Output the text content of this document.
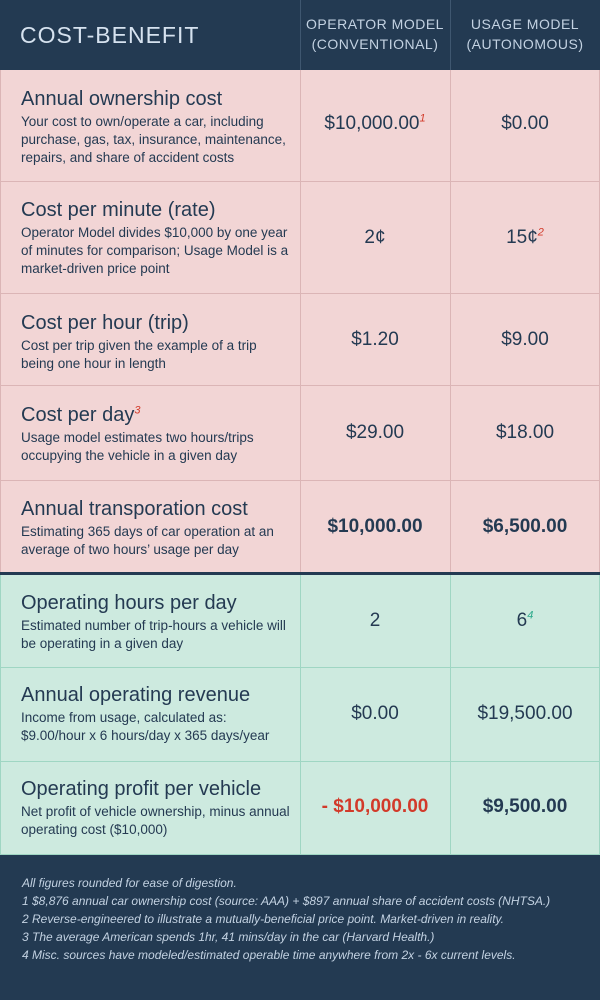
COST-BENEFIT	OPERATOR MODEL
(CONVENTIONAL)
USAGE MODEL
(AUTONOMOUS)
Annual ownership cost
Your cost to own/operate a car, including purchase, gas, tax, insurance, maintenance, repairs, and share of accident costs
$10,000.00$^1$	$0.00
Cost per minute (rate)
Operator Model divides $10,000 by one year of minutes for comparison; Usage Model is a market-driven price point
2¢	15¢$^2$
Cost per hour (trip)
Cost per trip given the example of a trip being one hour in length
$1.20	$9.00
Cost per day$^3$
Usage model estimates two hours/trips occupying the vehicle in a given day
$29.00	$18.00
Annual transporation cost
Estimating 365 days of car operation at an average of two hours’ usage per day
$10,000.00	$6,500.00
Operating hours per day
Estimated number of trip-hours a vehicle will be operating in a given day
2	6$^4$
Annual operating revenue
Income from usage, calculated as: $9.00/hour x 6 hours/day x 365 days/year
$0.00	$19,500.00
Operating profit per vehicle
Net profit of vehicle ownership, minus annual operating cost ($10,000)
- $10,000.00	$9,500.00
All figures rounded for ease of digestion.
1 $8,876 annual car ownership cost (source: AAA) + $897 annual share of accident costs (NHTSA.)
2 Reverse-engineered to illustrate a mutually-beneficial price point. Market-driven in reality.
3 The average American spends 1hr, 41 mins/day in the car (Harvard Health.)
4 Misc. sources have modeled/estimated operable time anywhere from 2x - 6x current levels.
